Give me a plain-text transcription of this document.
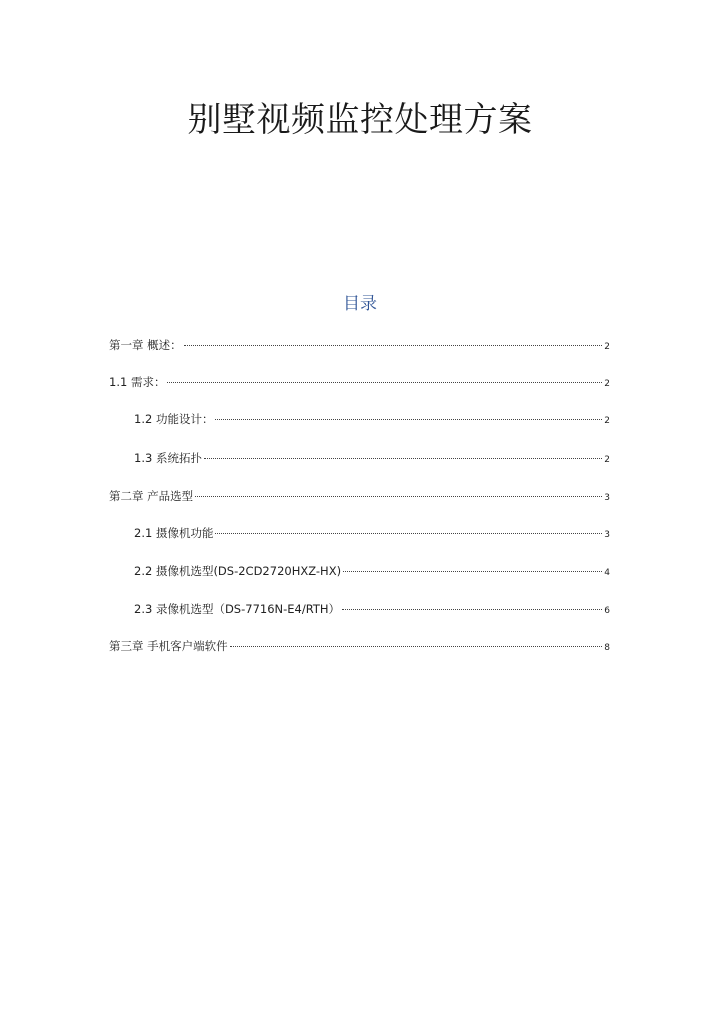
别墅视频监控处理方案
目录
第一章 概述：	2
1.1 需求：	2
1.2 功能设计：	2
1.3 系统拓扑	2
第二章 产品选型	3
2.1 摄像机功能	3
2.2 摄像机选型(DS-2CD2720HXZ-HX)	4
2.3 录像机选型（DS-7716N-E4/RTH）	6
第三章 手机客户端软件	8
